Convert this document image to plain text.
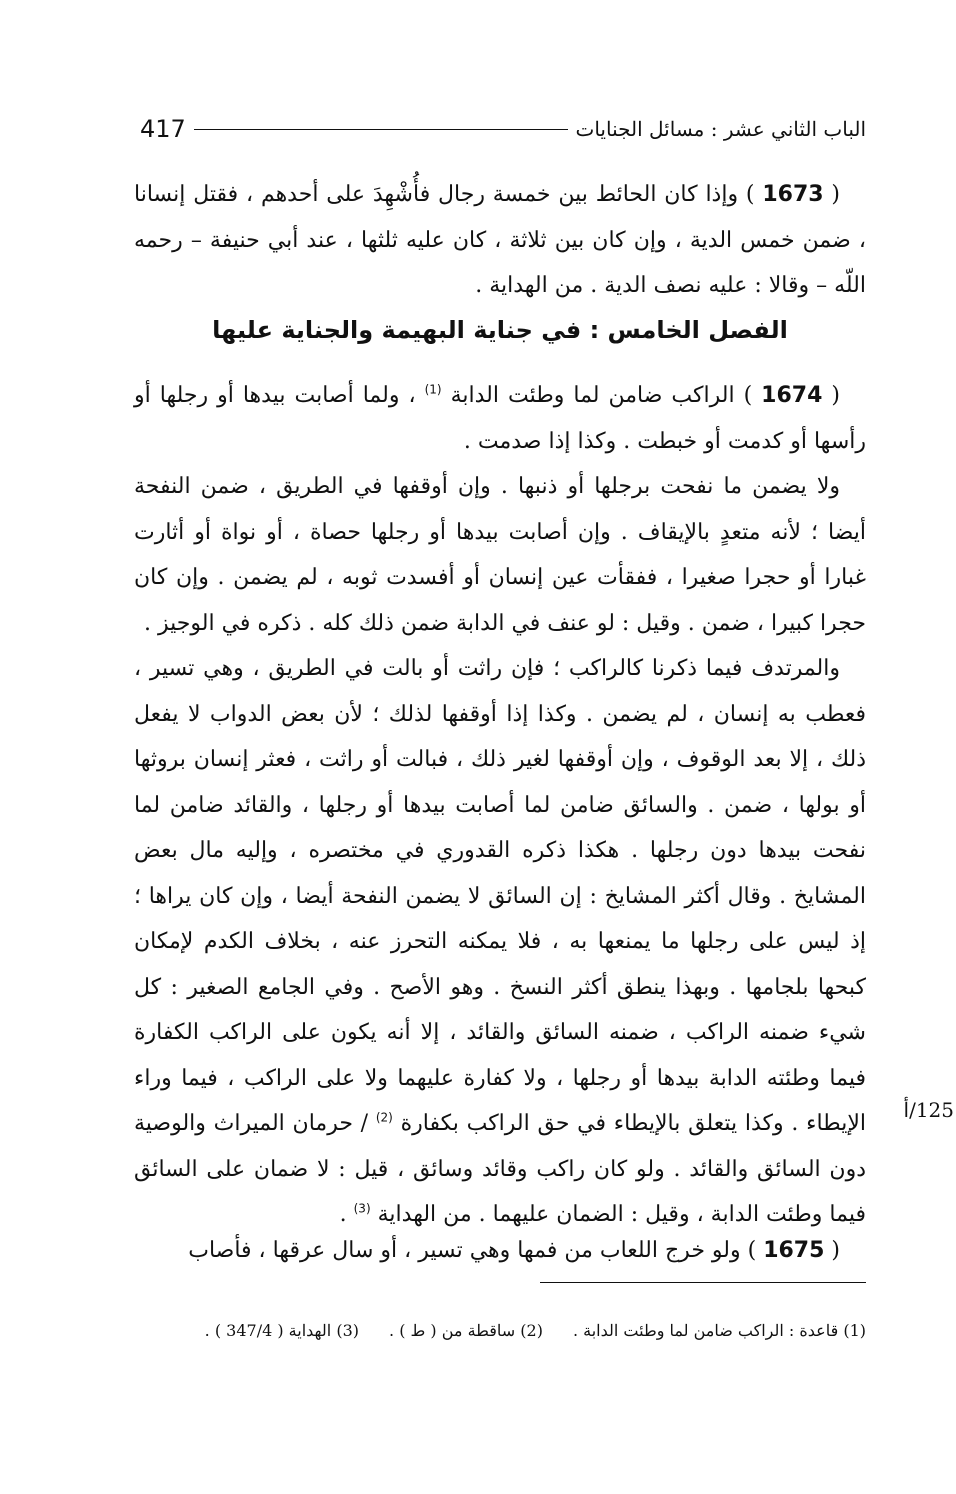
417	الباب الثاني عشر : مسائل الجنايات

( 1673 ) وإذا كان الحائط بين خمسة رجال فأُشْهِدَ على أحدهم ، فقتل إنسانا ، ضمن خمس الدية ، وإن كان بين ثلاثة ، كان عليه ثلثها ، عند أبي حنيفة – رحمه اللّه – وقالا : عليه نصف الدية . من الهداية .

الفصل الخامس : في جناية البهيمة والجناية عليها

( 1674 ) الراكب ضامن لما وطئت الدابة $^{(1)}$ ، ولما أصابت بيدها أو رجلها أو رأسها أو كدمت أو خبطت . وكذا إذا صدمت .

ولا يضمن ما نفحت برجلها أو ذنبها . وإن أوقفها في الطريق ، ضمن النفحة أيضا ؛ لأنه متعدٍ بالإيقاف . وإن أصابت بيدها أو رجلها حصاة ، أو نواة أو أثارت غبارا أو حجرا صغيرا ، ففقأت عين إنسان أو أفسدت ثوبه ، لم يضمن . وإن كان حجرا كبيرا ، ضمن . وقيل : لو عنف في الدابة ضمن ذلك كله . ذكره في الوجيز .

والمرتدف فيما ذكرنا كالراكب ؛ فإن راثت أو بالت في الطريق ، وهي تسير ، فعطب به إنسان ، لم يضمن . وكذا إذا أوقفها لذلك ؛ لأن بعض الدواب لا يفعل ذلك ، إلا بعد الوقوف ، وإن أوقفها لغير ذلك ، فبالت أو راثت ، فعثر إنسان بروثها أو بولها ، ضمن . والسائق ضامن لما أصابت بيدها أو رجلها ، والقائد ضامن لما نفحت بيدها دون رجلها . هكذا ذكره القدوري في مختصره ، وإليه مال بعض المشايخ . وقال أكثر المشايخ : إن السائق لا يضمن النفحة أيضا ، وإن كان يراها ؛ إذ ليس على رجلها ما يمنعها به ، فلا يمكنه التحرز عنه ، بخلاف الكدم لإمكان كبحها بلجامها . وبهذا ينطق أكثر النسخ . وهو الأصح . وفي الجامع الصغير : كل شيء ضمنه الراكب ، ضمنه السائق والقائد ، إلا أنه يكون على الراكب الكفارة فيما وطئته الدابة بيدها أو رجلها ، ولا كفارة عليهما ولا على الراكب ، فيما وراء الإيطاء . وكذا يتعلق بالإيطاء في حق الراكب بكفارة $^{(2)}$ / حرمان الميراث والوصية دون السائق والقائد . ولو كان راكب وقائد وسائق ، قيل : لا ضمان على السائق فيما وطئت الدابة ، وقيل : الضمان عليهما . من الهداية $^{(3)}$ .

125/أ

( 1675 ) ولو خرج اللعاب من فمها وهي تسير ، أو سال عرقها ، فأصاب

(1) قاعدة : الراكب ضامن لما وطئت الدابة .
(2) ساقطة من ( ط ) .
(3) الهداية ( 347/4 ) .
